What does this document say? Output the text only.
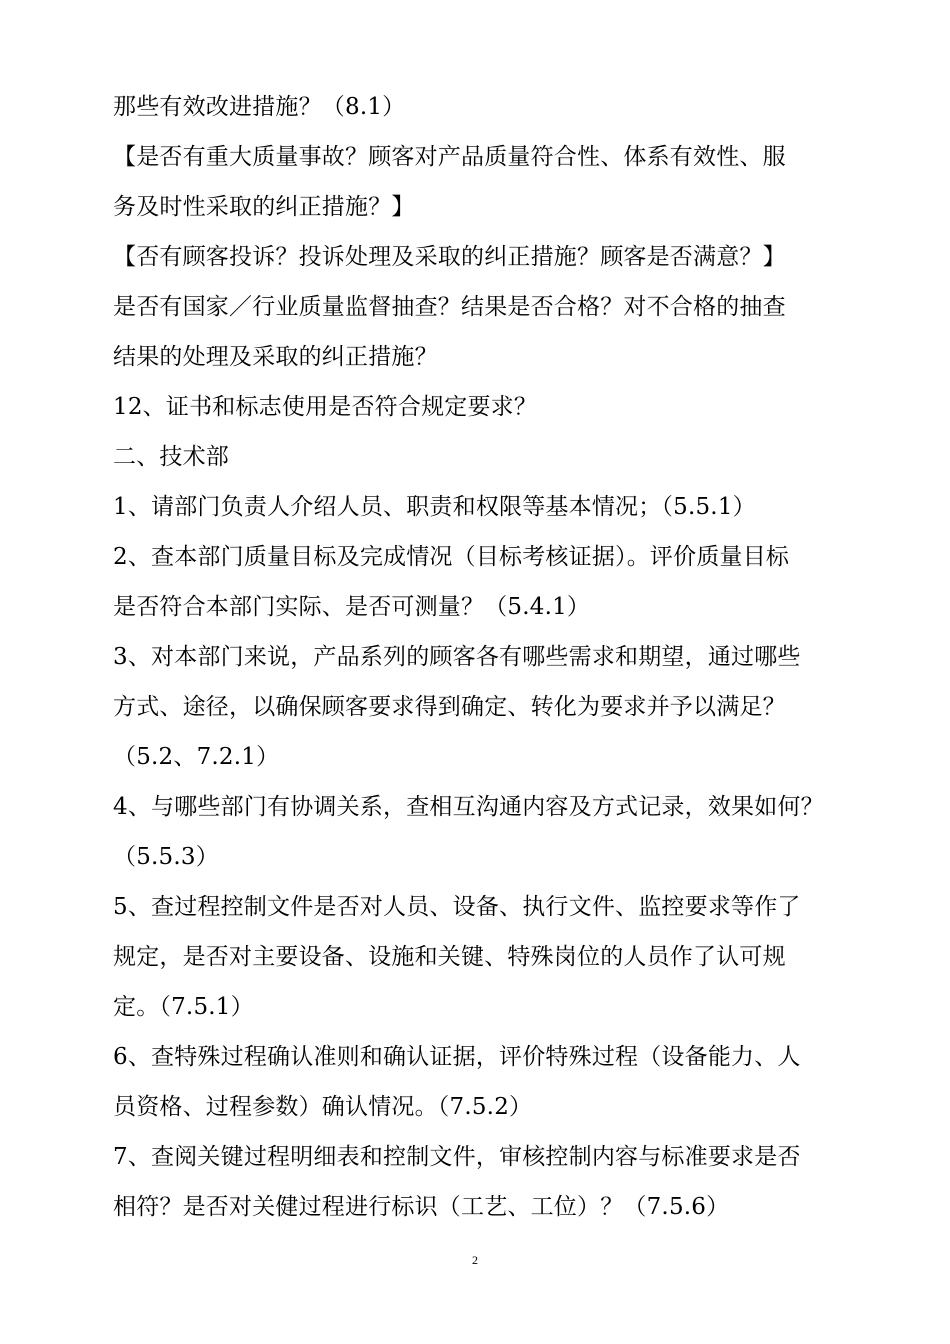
那些有效改进措施？（8.1）
【是否有重大质量事故？顾客对产品质量符合性、体系有效性、服
务及时性采取的纠正措施？】
【否有顾客投诉？投诉处理及采取的纠正措施？顾客是否满意？】
是否有国家／行业质量监督抽查？结果是否合格？对不合格的抽查
结果的处理及采取的纠正措施？
12、证书和标志使用是否符合规定要求？
二、技术部
1、请部门负责人介绍人员、职责和权限等基本情况；（5.5.1）
2、查本部门质量目标及完成情况（目标考核证据）。评价质量目标
是否符合本部门实际、是否可测量？（5.4.1）
3、对本部门来说，产品系列的顾客各有哪些需求和期望，通过哪些
方式、途径，以确保顾客要求得到确定、转化为要求并予以满足？
（5.2、7.2.1）
4、与哪些部门有协调关系，查相互沟通内容及方式记录，效果如何？
（5.5.3）
5、查过程控制文件是否对人员、设备、执行文件、监控要求等作了
规定，是否对主要设备、设施和关键、特殊岗位的人员作了认可规
定。（7.5.1）
6、查特殊过程确认准则和确认证据，评价特殊过程（设备能力、人
员资格、过程参数）确认情况。（7.5.2）
7、查阅关键过程明细表和控制文件，审核控制内容与标准要求是否
相符？是否对关健过程进行标识（工艺、工位）？（7.5.6）
2
